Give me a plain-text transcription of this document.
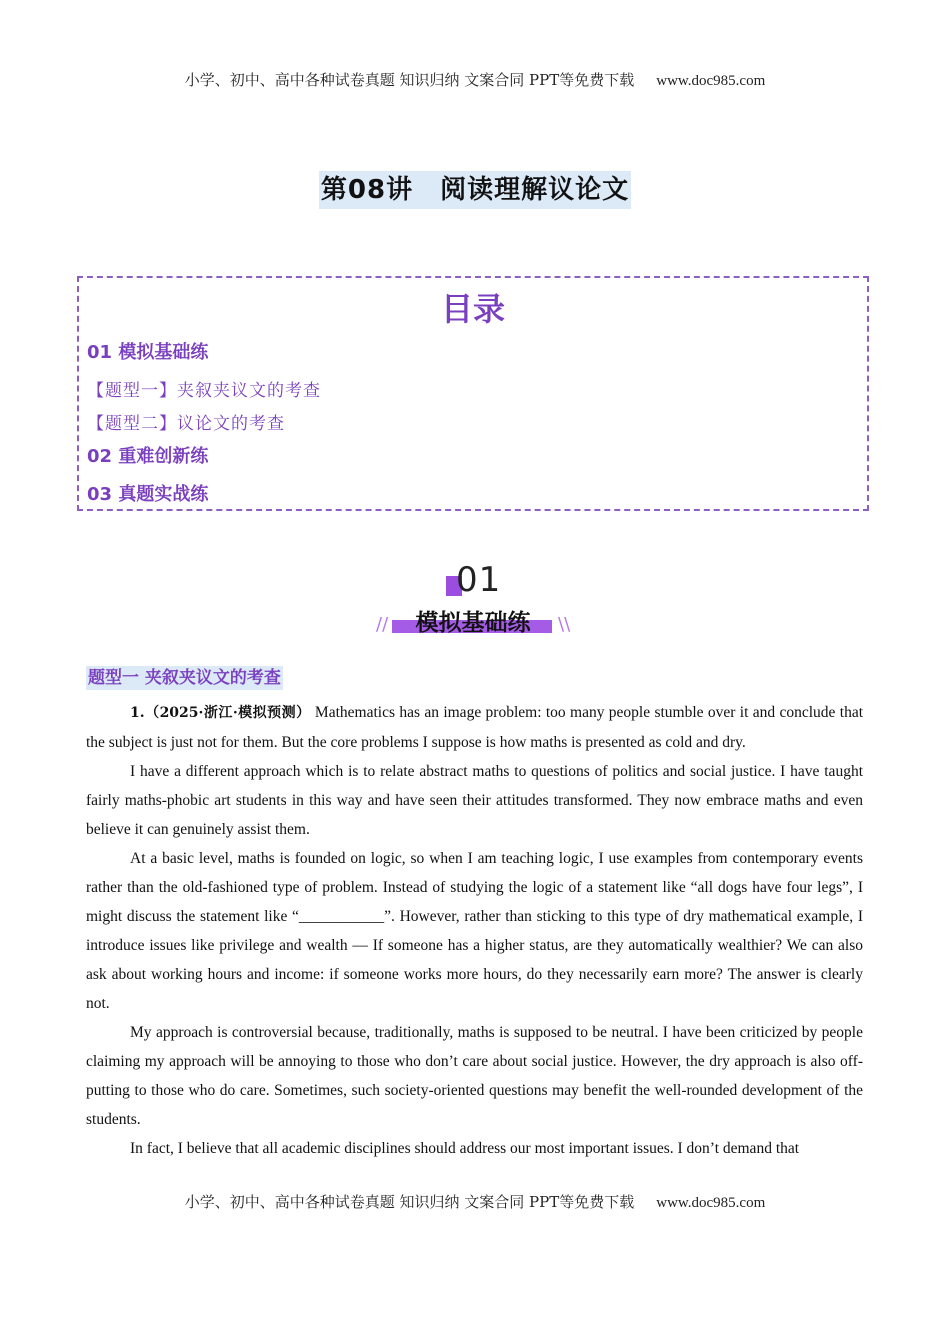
小学、初中、高中各种试卷真题 知识归纳 文案合同 PPT等免费下载 www.doc985.com
第08讲　阅读理解议论文
目录
01 模拟基础练
【题型一】夹叙夹议文的考查
【题型二】议论文的考查
02 重难创新练
03 真题实战练
01
//	模拟基础练	\\
题型一 夹叙夹议文的考查

1.（2025·浙江·模拟预测） Mathematics has an image problem: too many people stumble over it and conclude that the subject is just not for them. But the core problems I suppose is how maths is presented as cold and dry.

I have a different approach which is to relate abstract maths to questions of politics and social justice. I have taught fairly maths-phobic art students in this way and have seen their attitudes transformed. They now embrace maths and even believe it can genuinely assist them.

At a basic level, maths is founded on logic, so when I am teaching logic, I use examples from contemporary events rather than the old-fashioned type of problem. Instead of studying the logic of a statement like “all dogs have four legs”, I might discuss the statement like “___________”. However, rather than sticking to this type of dry mathematical example, I introduce issues like privilege and wealth — If someone has a higher status, are they automatically wealthier? We can also ask about working hours and income: if someone works more hours, do they necessarily earn more? The answer is clearly not.

My approach is controversial because, traditionally, maths is supposed to be neutral. I have been criticized by people claiming my approach will be annoying to those who don’t care about social justice. However, the dry approach is also off-putting to those who do care. Sometimes, such society-oriented questions may benefit the well-rounded development of the students.

In fact, I believe that all academic disciplines should address our most important issues. I don’t demand that

小学、初中、高中各种试卷真题 知识归纳 文案合同 PPT等免费下载 www.doc985.com
